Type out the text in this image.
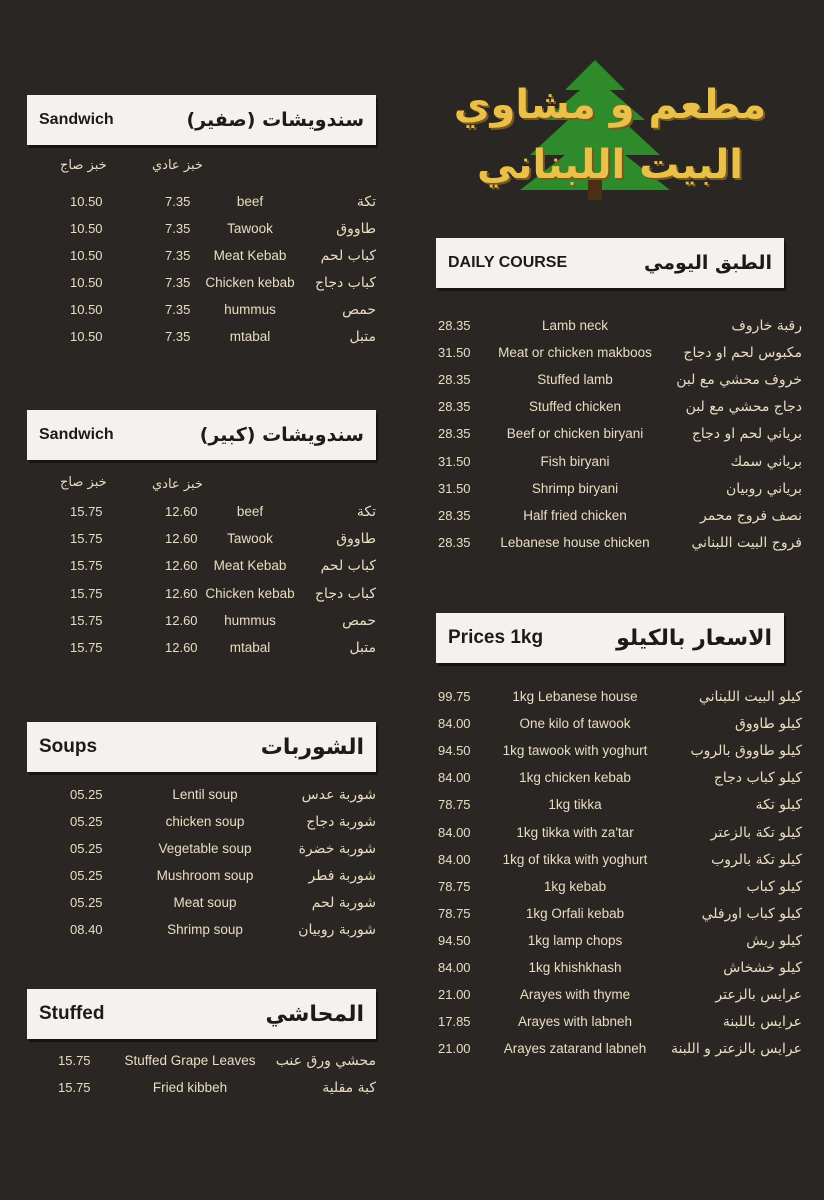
مطعم و مشاوي
البيت اللبناني
Sandwich	سندويشات (صفير)
خبز صاج	خبز عادي
10.50	7.35	beef	تكة
10.50	7.35	Tawook	طاووق
10.50	7.35 Meat Kebab كباب لحم
10.50	7.35 Chicken kebab كباب دجاج
10.50	7.35	hummus	حمص
10.50	7.35	mtabal	متبل
Sandwich	سندويشات (كبير)
خبز صاج	خبز عادي
15.75	12.60	beef	تكة
15.75	12.60 Tawook	طاووق
15.75	12.60 Meat Kebab كباب لحم
15.75	12.60 Chicken kebab كباب دجاج
15.75	12.60 hummus	حمص
15.75	12.60 mtabal	متبل
Soups	الشوربات
05.25	Lentil soup	شوربة عدس
05.25	chicken soup	شوربة دجاج
05.25	Vegetable soup	شوربة خضرة
05.25	Mushroom soup	شوربة فطر
05.25	Meat soup	شوربة لحم
08.40	Shrimp soup	شوربة روبيان
Stuffed	المحاشي
15.75	Stuffed Grape Leaves محشي ورق عنب
15.75	Fried kibbeh	كبة مقلية
DAILY COURSE	الطبق اليومي
28.35	Lamb neck	رقبة خاروف
31.50 Meat or chicken makboos مكبوس لحم او دجاج
28.35	Stuffed lamb	خروف محشي مع لبن
28.35	Stuffed chicken	دجاج محشي مع لبن
28.35	Beef or chicken biryani	برياني لحم او دجاج
31.50	Fish biryani	برياني سمك
31.50	Shrimp biryani	برياني روبيان
28.35	Half fried chicken	نصف فروج محمر
28.35 Lebanese house chicken	فروج البيت اللبناني
Prices 1kg	الاسعار بالكيلو
99.75	1kg Lebanese house	كيلو البيت اللبناني
84.00	One kilo of tawook	كيلو طاووق
94.50 1kg tawook with yoghurt	كيلو طاووق بالروب
84.00	1kg chicken kebab	كيلو كباب دجاج
78.75	1kg tikka	كيلو تكة
84.00	1kg tikka with za'tar	كيلو تكة بالزعتر
84.00 1kg of tikka with yoghurt	كيلو تكة بالروب
78.75	1kg kebab	كيلو كباب
78.75	1kg Orfali kebab	كيلو كباب اورفلي
94.50	1kg lamp chops	كيلو ريش
84.00	1kg khishkhash	كيلو خشخاش
21.00	Arayes with thyme	عرايس بالزعتر
17.85	Arayes with labneh	عرايس باللبنة
21.00 Arayes zatarand labneh عرايس بالزعتر و اللبنة
